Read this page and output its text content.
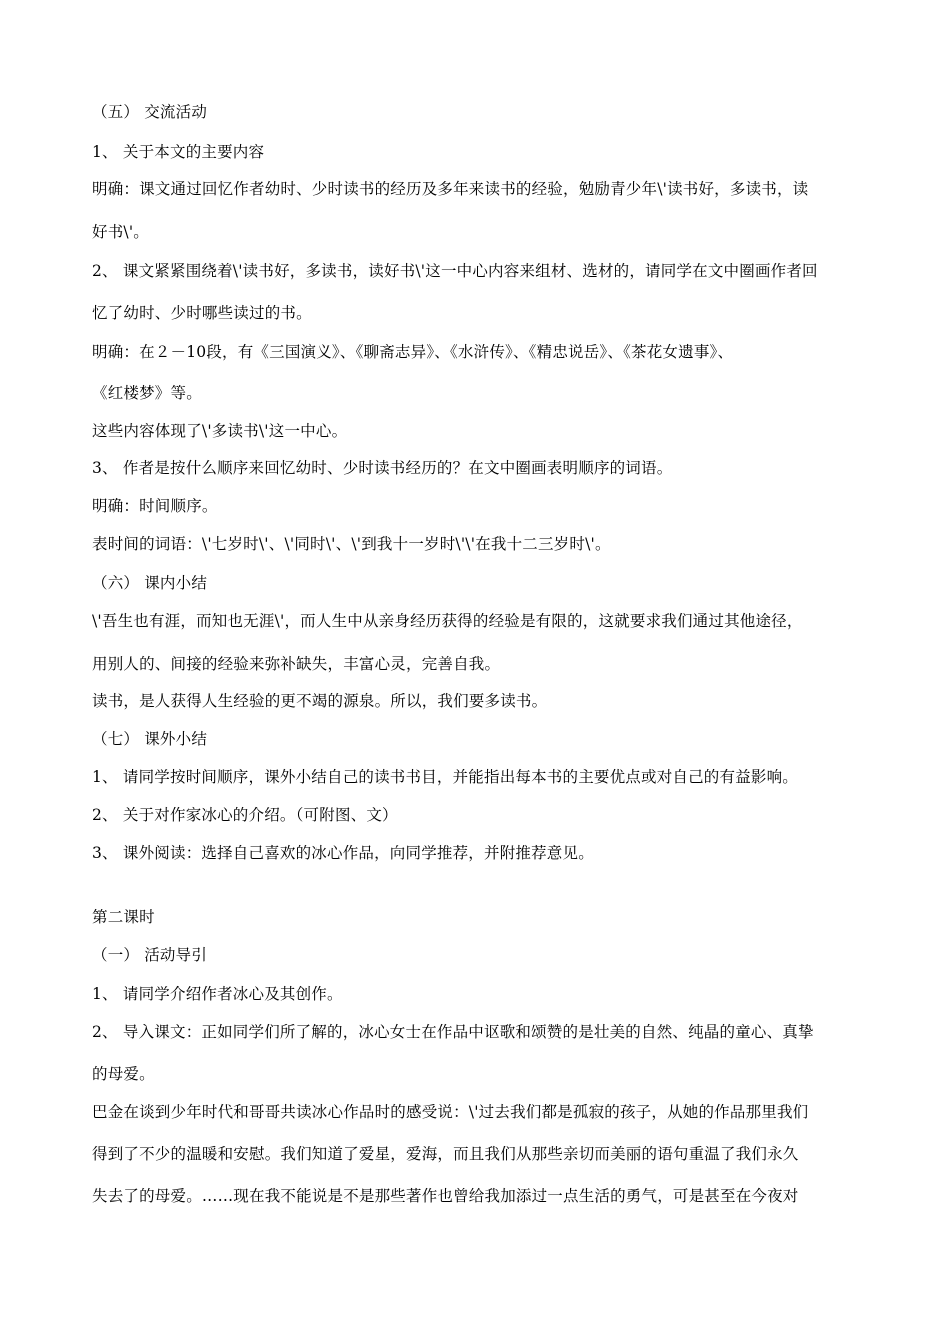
（五） 交流活动
1、 关于本文的主要内容
明确：课文通过回忆作者幼时、少时读书的经历及多年来读书的经验，勉励青少年\'读书好，多读书，读
好书\'。
2、 课文紧紧围绕着\'读书好，多读书，读好书\'这一中心内容来组材、选材的，请同学在文中圈画作者回
忆了幼时、少时哪些读过的书。
明确：在２－10段，有《三国演义》、《聊斋志异》、《水浒传》、《精忠说岳》、《茶花女遗事》、
《红楼梦》等。
这些内容体现了\'多读书\'这一中心。
3、 作者是按什么顺序来回忆幼时、少时读书经历的？在文中圈画表明顺序的词语。
明确：时间顺序。
表时间的词语：\'七岁时\'、\'同时\'、\'到我十一岁时\'\'在我十二三岁时\'。
（六） 课内小结
\'吾生也有涯，而知也无涯\'，而人生中从亲身经历获得的经验是有限的，这就要求我们通过其他途径，
用别人的、间接的经验来弥补缺失，丰富心灵，完善自我。
读书，是人获得人生经验的更不竭的源泉。所以，我们要多读书。
（七） 课外小结
1、 请同学按时间顺序，课外小结自己的读书书目，并能指出每本书的主要优点或对自己的有益影响。
2、 关于对作家冰心的介绍。（可附图、文）
3、 课外阅读：选择自己喜欢的冰心作品，向同学推荐，并附推荐意见。
第二课时
（一） 活动导引
1、 请同学介绍作者冰心及其创作。
2、 导入课文：正如同学们所了解的，冰心女士在作品中讴歌和颂赞的是壮美的自然、纯晶的童心、真挚
的母爱。
巴金在谈到少年时代和哥哥共读冰心作品时的感受说：\'过去我们都是孤寂的孩子，从她的作品那里我们
得到了不少的温暖和安慰。我们知道了爱星，爱海，而且我们从那些亲切而美丽的语句重温了我们永久
失去了的母爱。……现在我不能说是不是那些著作也曾给我加添过一点生活的勇气，可是甚至在今夜对
